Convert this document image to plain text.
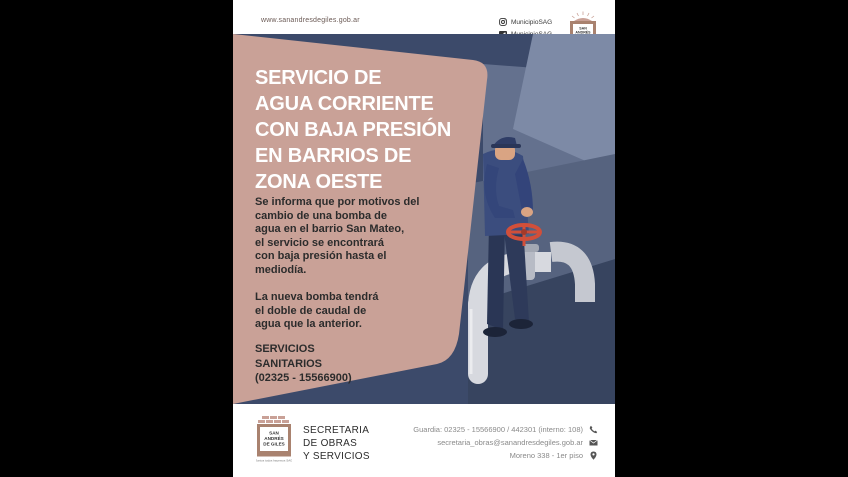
www.sanandresdegiles.gob.ar	MunicipioSAG
SAN
ANDRÉS
SERVICIO DE
AGUA CORRIENTE
CON BAJA PRESIÓN
EN BARRIOS DE
ZONA OESTE
Se informa que por motivos del
cambio de una bomba de
agua en el barrio San Mateo,
el servicio se encontrará
con baja presión hasta el
mediodía.
La nueva bomba tendrá
el doble de caudal de
agua que la anterior.
SERVICIOS
SANITARIOS
(02325 - 15566900)
SAN
ANDRÉS
DE GILES
Juntos todos hacemos SAG
SECRETARIA
DE OBRAS
Y SERVICIOS
Guardia: 02325 - 15566900 / 442301 (interno: 108)
secretaria_obras@sanandresdegiles.gob.ar
Moreno 338 - 1er piso
